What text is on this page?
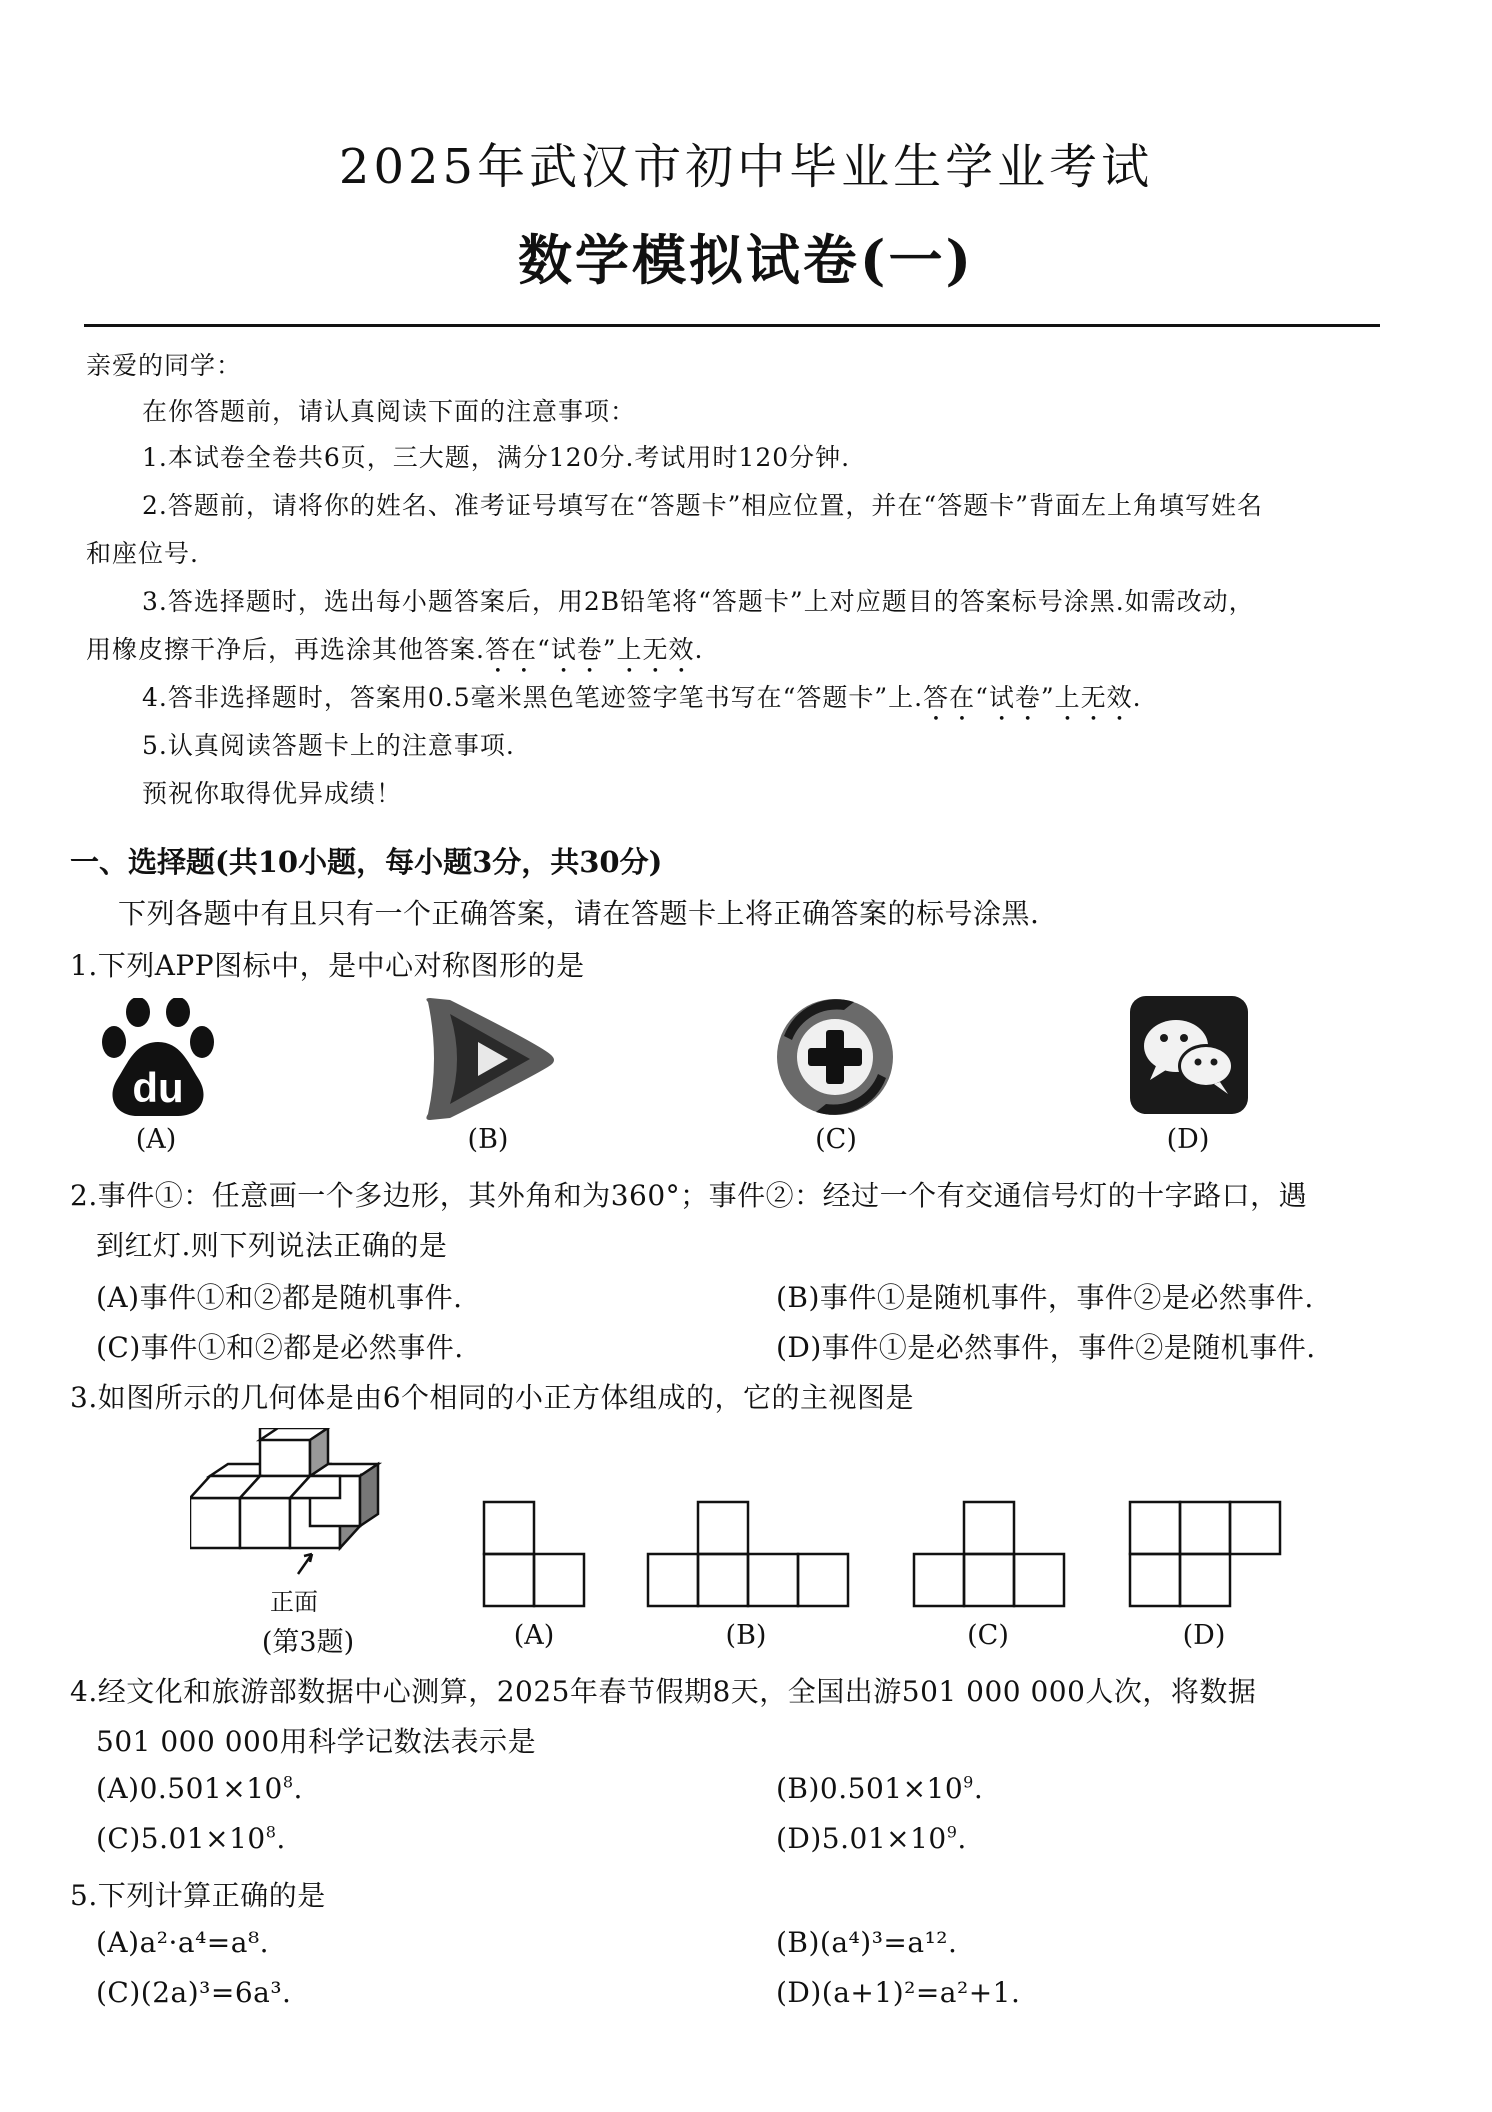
2025年武汉市初中毕业生学业考试
数学模拟试卷(一)
亲爱的同学：
在你答题前，请认真阅读下面的注意事项：
1.本试卷全卷共6页，三大题，满分120分.考试用时120分钟.
2.答题前，请将你的姓名、准考证号填写在“答题卡”相应位置，并在“答题卡”背面左上角填写姓名
和座位号.
3.答选择题时，选出每小题答案后，用2B铅笔将“答题卡”上对应题目的答案标号涂黑.如需改动，
用橡皮擦干净后，再选涂其他答案.答在“试卷”上无效.
4.答非选择题时，答案用0.5毫米黑色笔迹签字笔书写在“答题卡”上.答在“试卷”上无效.
5.认真阅读答题卡上的注意事项.
预祝你取得优异成绩！
一、选择题(共10小题，每小题3分，共30分)
下列各题中有且只有一个正确答案，请在答题卡上将正确答案的标号涂黑.
1.下列APP图标中，是中心对称图形的是
du
(A)	(B)	(C)	(D)
2.事件①：任意画一个多边形，其外角和为360°；事件②：经过一个有交通信号灯的十字路口，遇
到红灯.则下列说法正确的是
(A)事件①和②都是随机事件.	(B)事件①是随机事件，事件②是必然事件.
(C)事件①和②都是必然事件.	(D)事件①是必然事件，事件②是随机事件.
3.如图所示的几何体是由6个相同的小正方体组成的，它的主视图是
正面
(第3题)	(A)	(B)	(C)	(D)
4.经文化和旅游部数据中心测算，2025年春节假期8天，全国出游501 000 000人次，将数据
501 000 000用科学记数法表示是
$(A)0.501\times 10^8$.	$(B)0.501\times 10^9$.
$(C)5.01\times 10^8$.	$(D)5.01\times 10^9$.
5.下列计算正确的是
(A)a²·a⁴=a⁸.	(B)(a⁴)³=a¹².
(C)(2a)³=6a³.	(D)(a+1)²=a²+1.
